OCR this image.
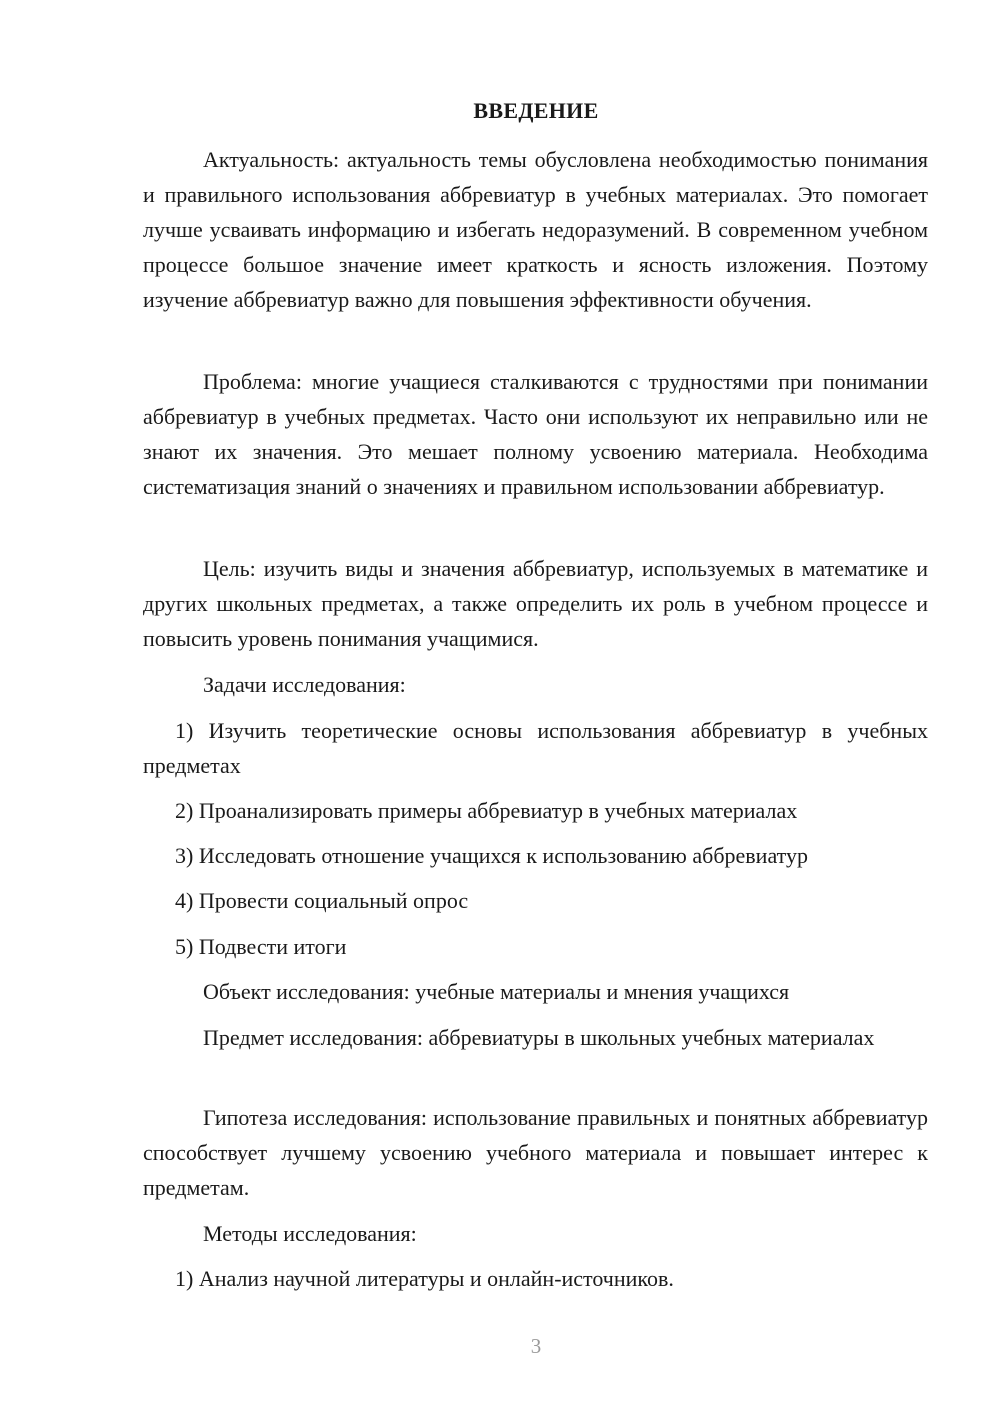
ВВЕДЕНИЕ

Актуальность: актуальность темы обусловлена необходимостью понимания и правильного использования аббревиатур в учебных материалах. Это помогает лучше усваивать информацию и избегать недоразумений. В современном учебном процессе большое значение имеет краткость и ясность изложения. Поэтому изучение аббревиатур важно для повышения эффективности обучения.

Проблема: многие учащиеся сталкиваются с трудностями при понимании аббревиатур в учебных предметах. Часто они используют их неправильно или не знают их значения. Это мешает полному усвоению материала. Необходима систематизация знаний о значениях и правильном использовании аббревиатур.

Цель: изучить виды и значения аббревиатур, используемых в математике и других школьных предметах, а также определить их роль в учебном процессе и повысить уровень понимания учащимися.

Задачи исследования:

1) Изучить теоретические основы использования аббревиатур в учебных предметах

2) Проанализировать примеры аббревиатур в учебных материалах

3) Исследовать отношение учащихся к использованию аббревиатур

4) Провести социальный опрос

5) Подвести итоги

Объект исследования: учебные материалы и мнения учащихся

Предмет исследования: аббревиатуры в школьных учебных материалах

Гипотеза исследования: использование правильных и понятных аббревиатур способствует лучшему усвоению учебного материала и повышает интерес к предметам.

Методы исследования:

1) Анализ научной литературы и онлайн-источников.

3
